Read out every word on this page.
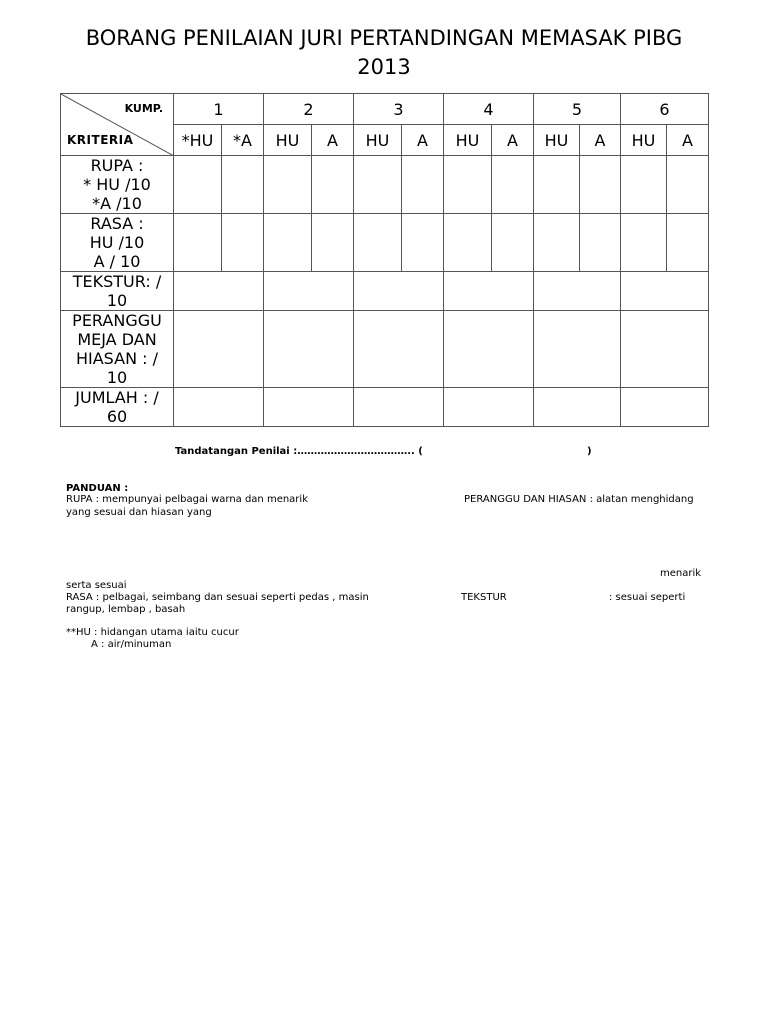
BORANG PENILAIAN JURI PERTANDINGAN MEMASAK PIBG
2013
KUMP.
KRITERIA	1		2		3		4		5		6	
	*HU	*A	HU	A	HU	A	HU	A	HU	A	HU	A

RUPA :
* HU /10
*A /10												

RASA :
HU /10
A / 10												

TEKSTUR: /
10												

PERANGGU
MEJA DAN
HIASAN : /
10												

JUMLAH : /
60												

Tandatangan Penilai :…………………………….. (	)
PANDUAN :
RUPA : mempunyai pelbagai warna dan menarik	PERANGGU DAN HIASAN : alatan menghidang
yang sesuai dan hiasan yang
menarik
serta sesuai
RASA : pelbagai, seimbang dan sesuai seperti pedas , masin	TEKSTUR	: sesuai seperti
rangup, lembap , basah
**HU : hidangan utama iaitu cucur
A : air/minuman
